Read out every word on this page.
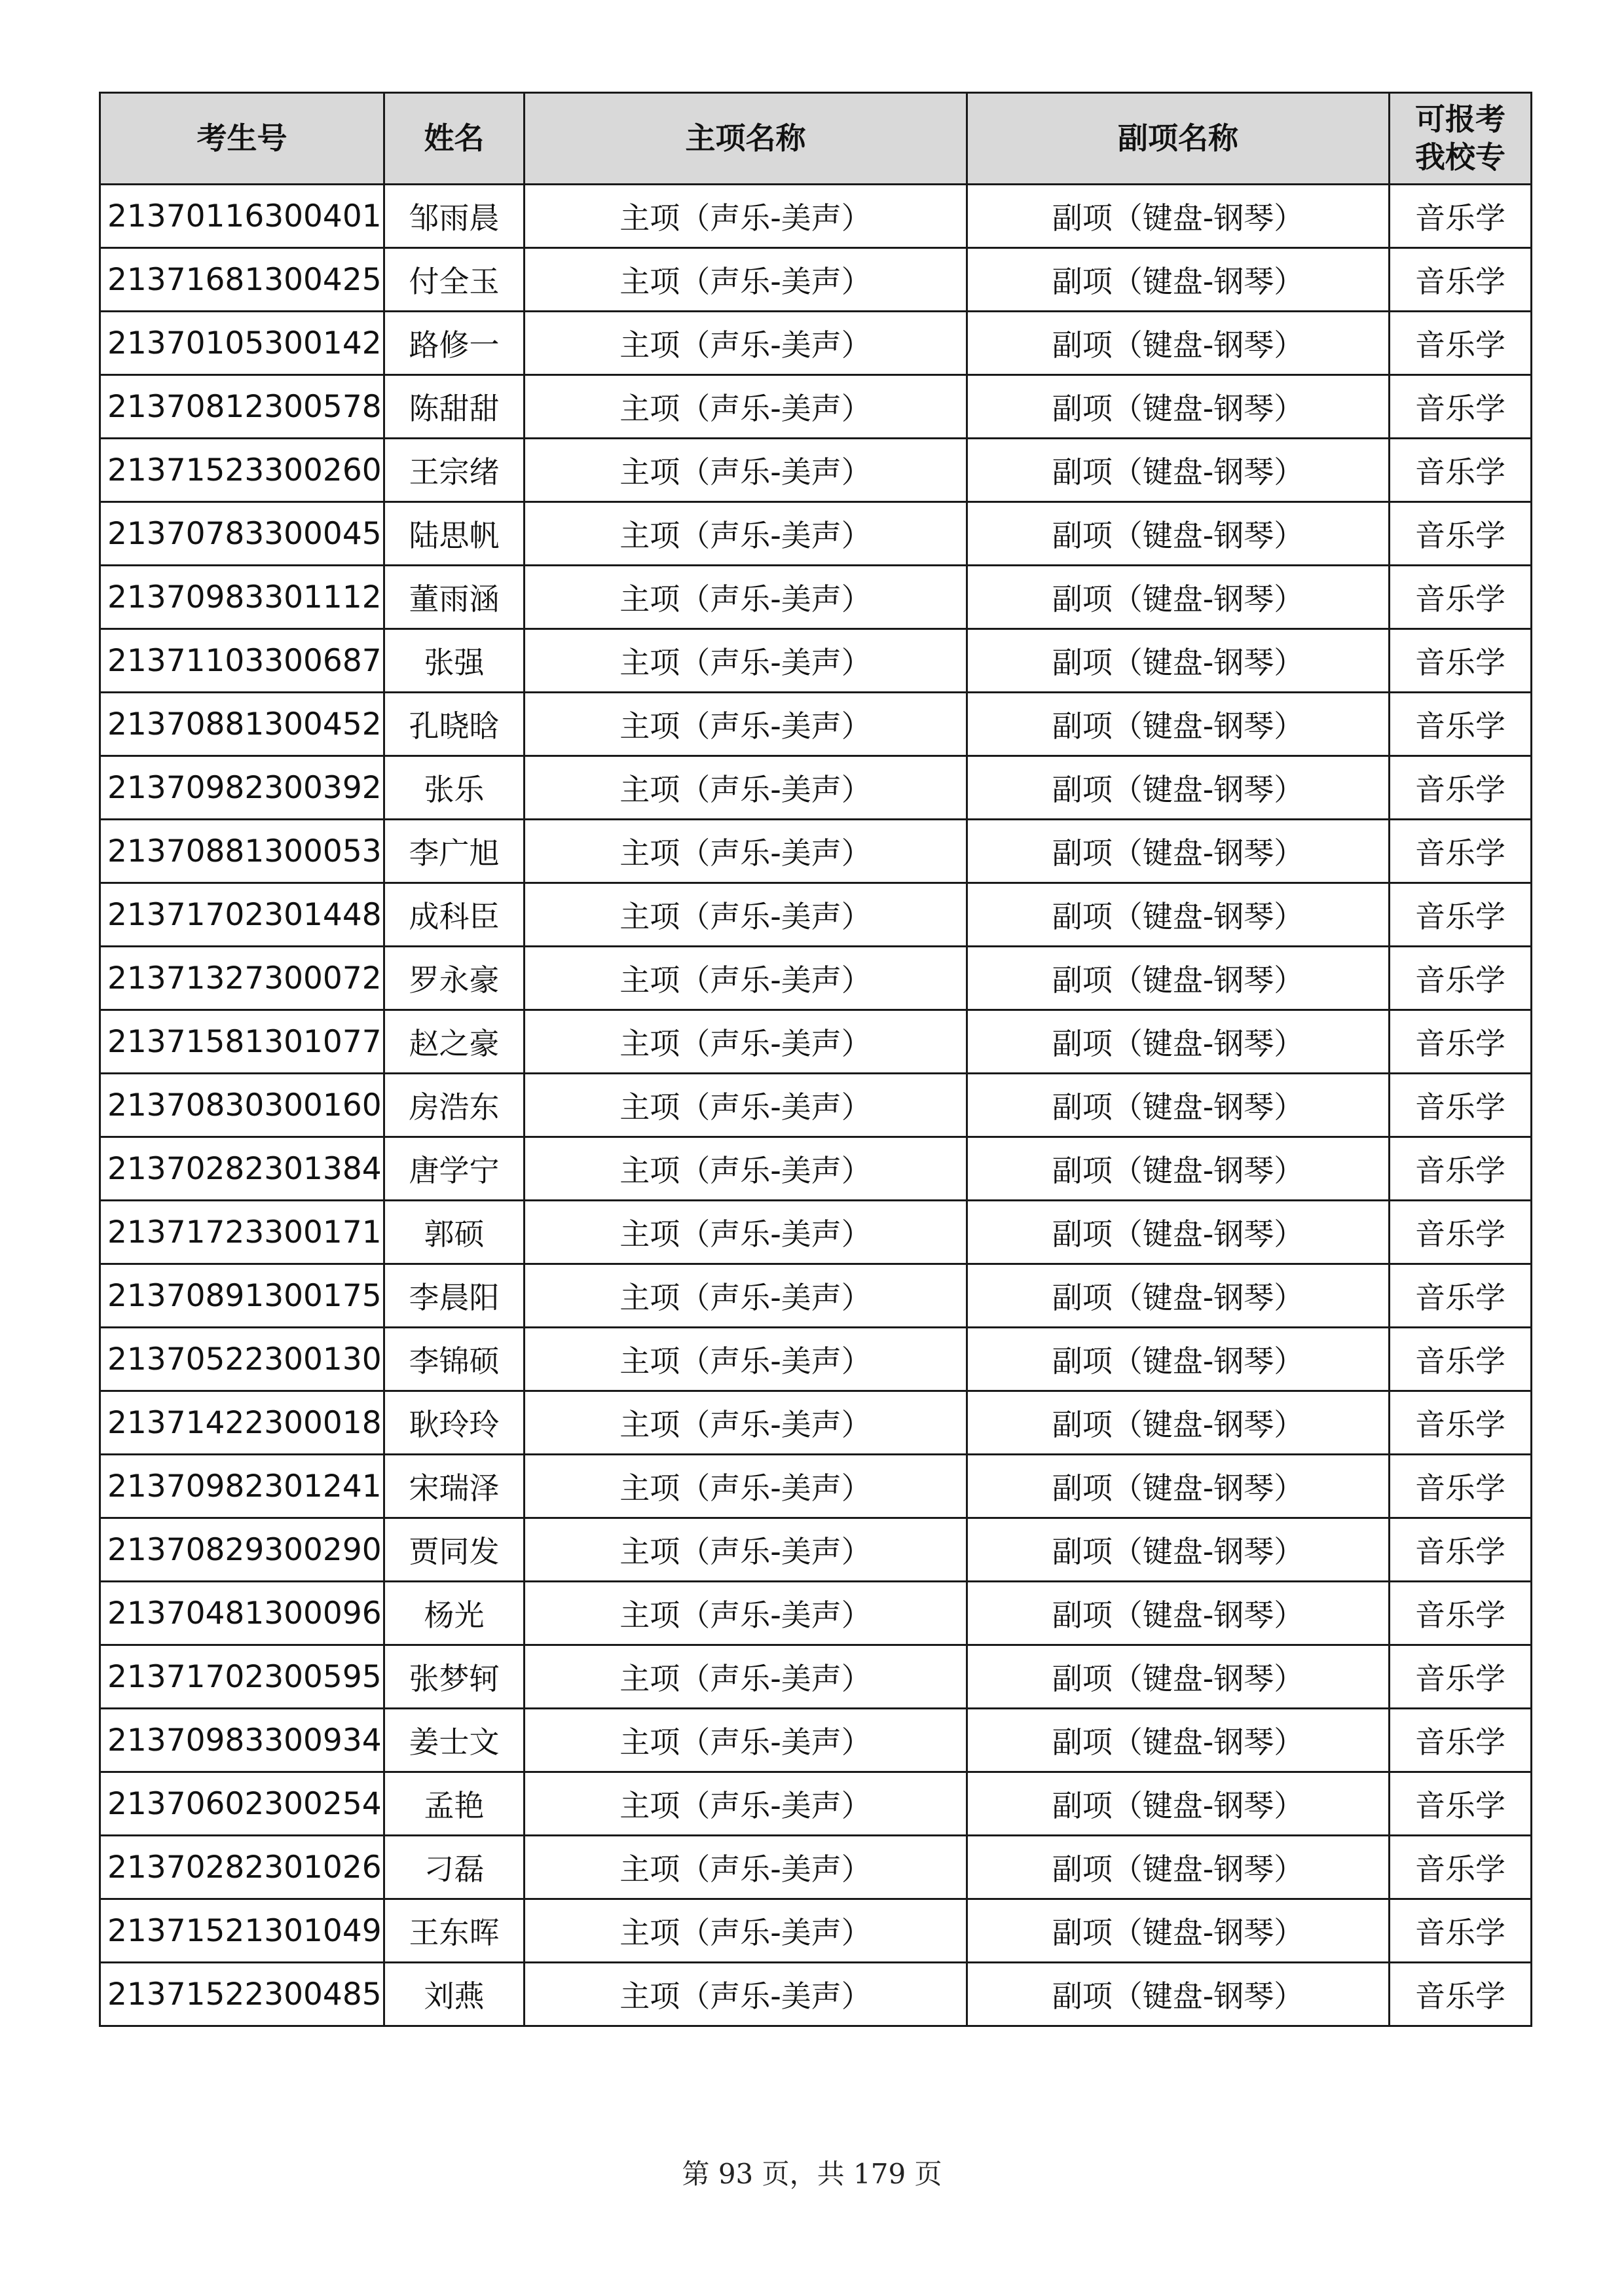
考生号	姓名	主项名称	副项名称	可报考
我校专

21370116300401	邹雨晨	主项（声乐-美声）	副项（键盘-钢琴）	音乐学
21371681300425	付全玉	主项（声乐-美声）	副项（键盘-钢琴）	音乐学
21370105300142	路修一	主项（声乐-美声）	副项（键盘-钢琴）	音乐学
21370812300578	陈甜甜	主项（声乐-美声）	副项（键盘-钢琴）	音乐学
21371523300260	王宗绪	主项（声乐-美声）	副项（键盘-钢琴）	音乐学
21370783300045	陆思帆	主项（声乐-美声）	副项（键盘-钢琴）	音乐学
21370983301112	董雨涵	主项（声乐-美声）	副项（键盘-钢琴）	音乐学
21371103300687	张强	主项（声乐-美声）	副项（键盘-钢琴）	音乐学
21370881300452	孔晓晗	主项（声乐-美声）	副项（键盘-钢琴）	音乐学
21370982300392	张乐	主项（声乐-美声）	副项（键盘-钢琴）	音乐学
21370881300053	李广旭	主项（声乐-美声）	副项（键盘-钢琴）	音乐学
21371702301448	成科臣	主项（声乐-美声）	副项（键盘-钢琴）	音乐学
21371327300072	罗永豪	主项（声乐-美声）	副项（键盘-钢琴）	音乐学
21371581301077	赵之豪	主项（声乐-美声）	副项（键盘-钢琴）	音乐学
21370830300160	房浩东	主项（声乐-美声）	副项（键盘-钢琴）	音乐学
21370282301384	唐学宁	主项（声乐-美声）	副项（键盘-钢琴）	音乐学
21371723300171	郭硕	主项（声乐-美声）	副项（键盘-钢琴）	音乐学
21370891300175	李晨阳	主项（声乐-美声）	副项（键盘-钢琴）	音乐学
21370522300130	李锦硕	主项（声乐-美声）	副项（键盘-钢琴）	音乐学
21371422300018	耿玲玲	主项（声乐-美声）	副项（键盘-钢琴）	音乐学
21370982301241	宋瑞泽	主项（声乐-美声）	副项（键盘-钢琴）	音乐学
21370829300290	贾同发	主项（声乐-美声）	副项（键盘-钢琴）	音乐学
21370481300096	杨光	主项（声乐-美声）	副项（键盘-钢琴）	音乐学
21371702300595	张梦轲	主项（声乐-美声）	副项（键盘-钢琴）	音乐学
21370983300934	姜士文	主项（声乐-美声）	副项（键盘-钢琴）	音乐学
21370602300254	孟艳	主项（声乐-美声）	副项（键盘-钢琴）	音乐学
21370282301026	刁磊	主项（声乐-美声）	副项（键盘-钢琴）	音乐学
21371521301049	王东晖	主项（声乐-美声）	副项（键盘-钢琴）	音乐学
21371522300485	刘燕	主项（声乐-美声）	副项（键盘-钢琴）	音乐学
第 93 页，共 179 页
